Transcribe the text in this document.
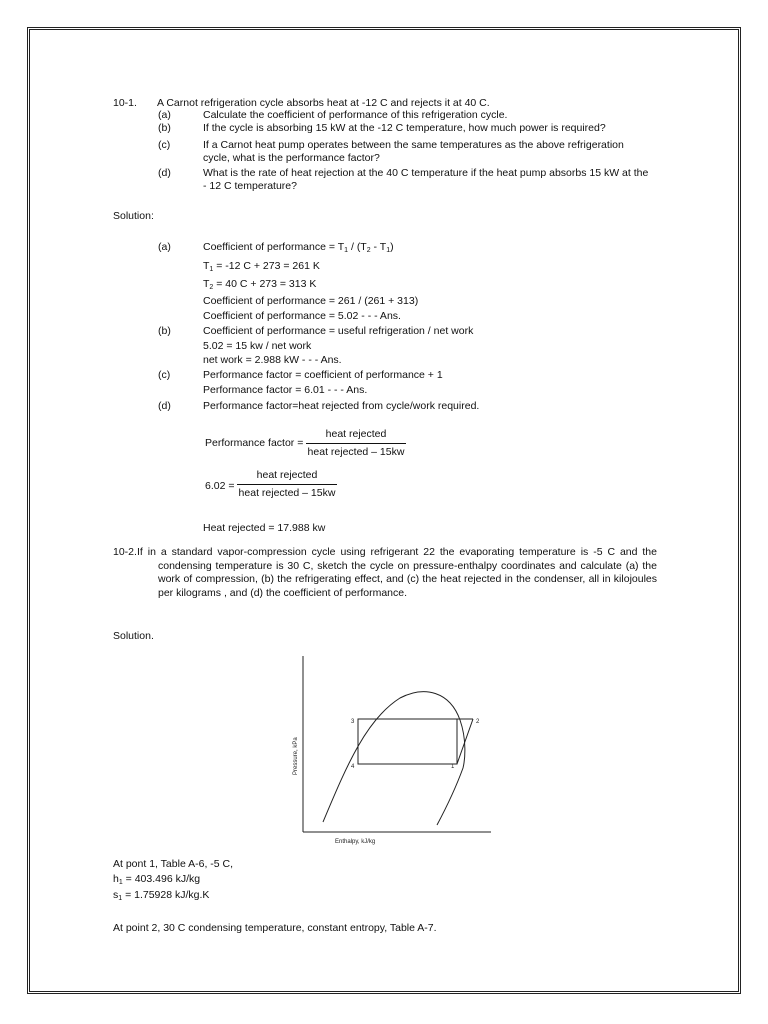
10-1. A Carnot refrigeration cycle absorbs heat at -12 C and rejects it at 40 C.
(a)	Calculate the coefficient of performance of this refrigeration cycle.
(b)	If the cycle is absorbing 15 kW at the -12 C temperature, how much power is required?
(c)	If a Carnot heat pump operates between the same temperatures as the above refrigeration
cycle, what is the performance factor?
(d)	What is the rate of heat rejection at the 40 C temperature if the heat pump absorbs 15 kW at the
- 12 C temperature?
Solution:
(a)	Coefficient of performance = $T_1 / (T_2 - T_1)$
$T_1 = -12$ C + 273 = 261 K
$T_2 = 40$ C + 273 = 313 K
Coefficient of performance = 261 / (261 + 313)
Coefficient of performance = 5.02 - - - Ans.
(b)	Coefficient of performance = useful refrigeration / net work
5.02 = 15 kw / net work
net work = 2.988 kW - - - Ans.
(c)	Performance factor = coefficient of performance + 1
Performance factor = 6.01 - - - Ans.
(d)	Performance factor=heat rejected from cycle/work required.
Performance factor =
heat rejected
heat rejected – 15kw
6.02 =
heat rejected
heat rejected – 15kw
Heat rejected = 17.988 kw
10-2. If in a standard vapor-compression cycle using refrigerant 22 the evaporating temperature is -5 C and the condensing temperature is 30 C, sketch the cycle on pressure-enthalpy coordinates and calculate (a) the work of compression, (b) the refrigerating effect, and (c) the heat rejected in the condenser, all in kilojoules per kilograms , and (d) the coefficient of performance.
Solution.
3	2
4	1
Pressure, kPa
Enthalpy, kJ/kg
At pont 1, Table A-6, -5 C,
$h_1 = 403.496$ kJ/kg
$s_1 = 1.75928$ kJ/kg.K
At point 2, 30 C condensing temperature, constant entropy, Table A-7.
